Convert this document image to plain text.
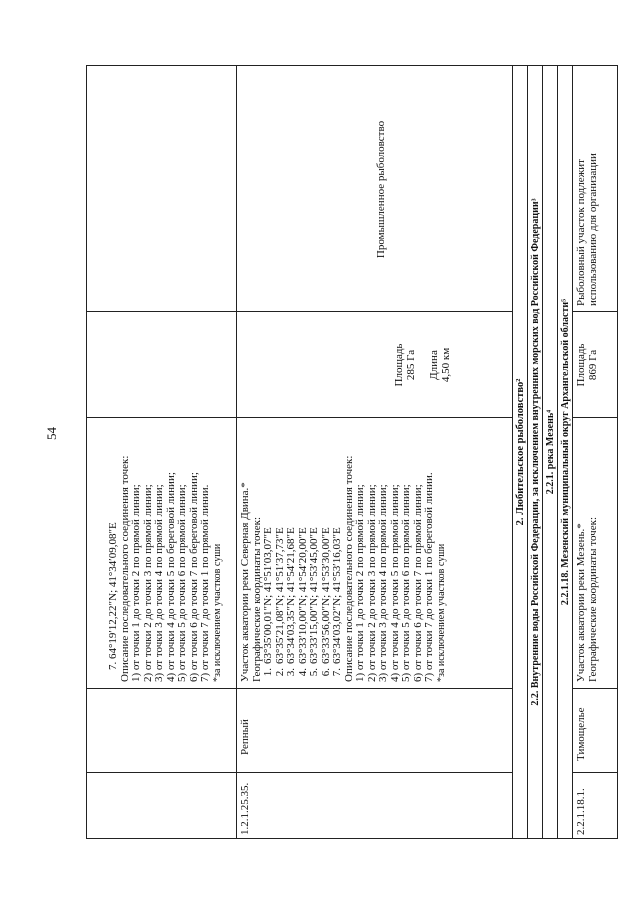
54
7. 64°19′12,22″N; 41°34′09,08″E Описание последовательного соединения точек: 1) от точки 1 до точки 2 по прямой линии; 2) от точки 2 до точки 3 по прямой линии; 3) от точки 3 до точки 4 по прямой линии; 4) от точки 4 до точки 5 по береговой линии; 5) от точки 5 до точки 6 по прямой линии; 6) от точки 6 до точки 7 по береговой линии; 7) от точки 7 до точки 1 по прямой линии. *за исключением участков суши
1.2.1.25.35.
Репный
Участок акватории реки Северная Двина.* Географические координаты точек: 1.63°35′00,01″N; 41°51′03,07″E
2.63°35′21,08″N; 41°51′37,73″E
3.63°34′03,35″N; 41°54′21,68″E
4.63°33′10,00″N; 41°54′20,00″E
5.63°33′15,00″N; 41°53′45,00″E
6.63°33′56,00″N; 41°53′30,00″E
7.63°34′03,02″N; 41°53′16,03″E Описание последовательного соединения точек: 1) от точки 1 до точки 2 по прямой линии; 2) от точки 2 до точки 3 по прямой линии; 3) от точки 3 до точки 4 по прямой линии; 4) от точки 4 до точки 5 по прямой линии; 5) от точки 5 до точки 6 по прямой линии; 6) от точки 6 до точки 7 по прямой линии; 7) от точки 7 до точки 1 по береговой линии. *за исключением участков суши
Площадь 285 Га Длина 4,50 км
Промышленное рыболовство
2. Любительское рыболовство² 2.2. Внутренние воды Российской Федерации, за исключением внутренних морских вод Российской Федерации³ 2.2.1. река Мезень⁴ 2.2.1.18. Мезенский муниципальный округ Архангельской области⁵
2.2.1.18.1.
Тимощелье
Участок акватории реки Мезень.* Географические координаты точек:
Площадь 869 Га
Рыболовный участок подлежит использованию для организации
